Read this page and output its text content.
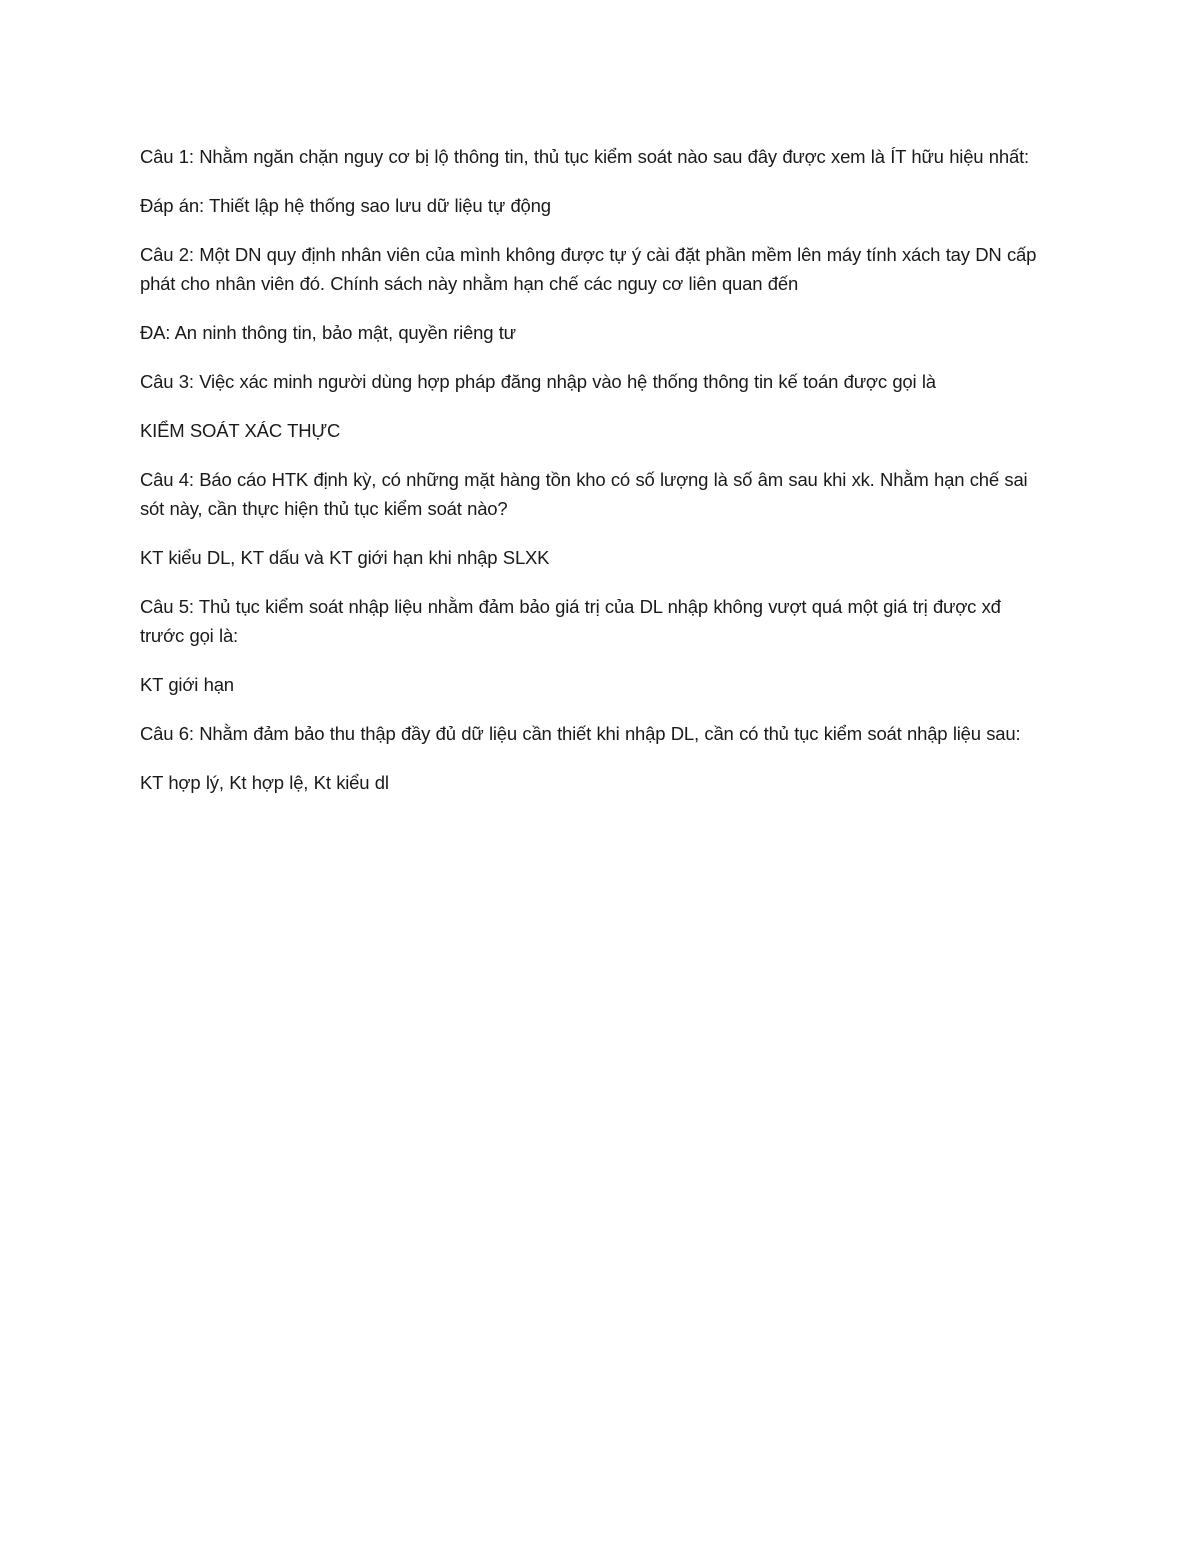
Câu 1: Nhằm ngăn chặn nguy cơ bị lộ thông tin, thủ tục kiểm soát nào sau đây được xem là ÍT hữu hiệu nhất:

Đáp án: Thiết lập hệ thống sao lưu dữ liệu tự động

Câu 2: Một DN quy định nhân viên của mình không được tự ý cài đặt phần mềm lên máy tính xách tay DN cấp phát cho nhân viên đó. Chính sách này nhằm hạn chế các nguy cơ liên quan đến

ĐA: An ninh thông tin, bảo mật, quyền riêng tư

Câu 3: Việc xác minh người dùng hợp pháp đăng nhập vào hệ thống thông tin kế toán được gọi là

KIỂM SOÁT XÁC THỰC

Câu 4: Báo cáo HTK định kỳ, có những mặt hàng tồn kho có số lượng là số âm sau khi xk. Nhằm hạn chế sai sót này, cần thực hiện thủ tục kiểm soát nào?

KT kiểu DL, KT dấu và KT giới hạn khi nhập SLXK

Câu 5: Thủ tục kiểm soát nhập liệu nhằm đảm bảo giá trị của DL nhập không vượt quá một giá trị được xđ trước gọi là:

KT giới hạn

Câu 6: Nhằm đảm bảo thu thập đầy đủ dữ liệu cần thiết khi nhập DL, cần có thủ tục kiểm soát nhập liệu sau:

KT hợp lý, Kt hợp lệ, Kt kiểu dl
